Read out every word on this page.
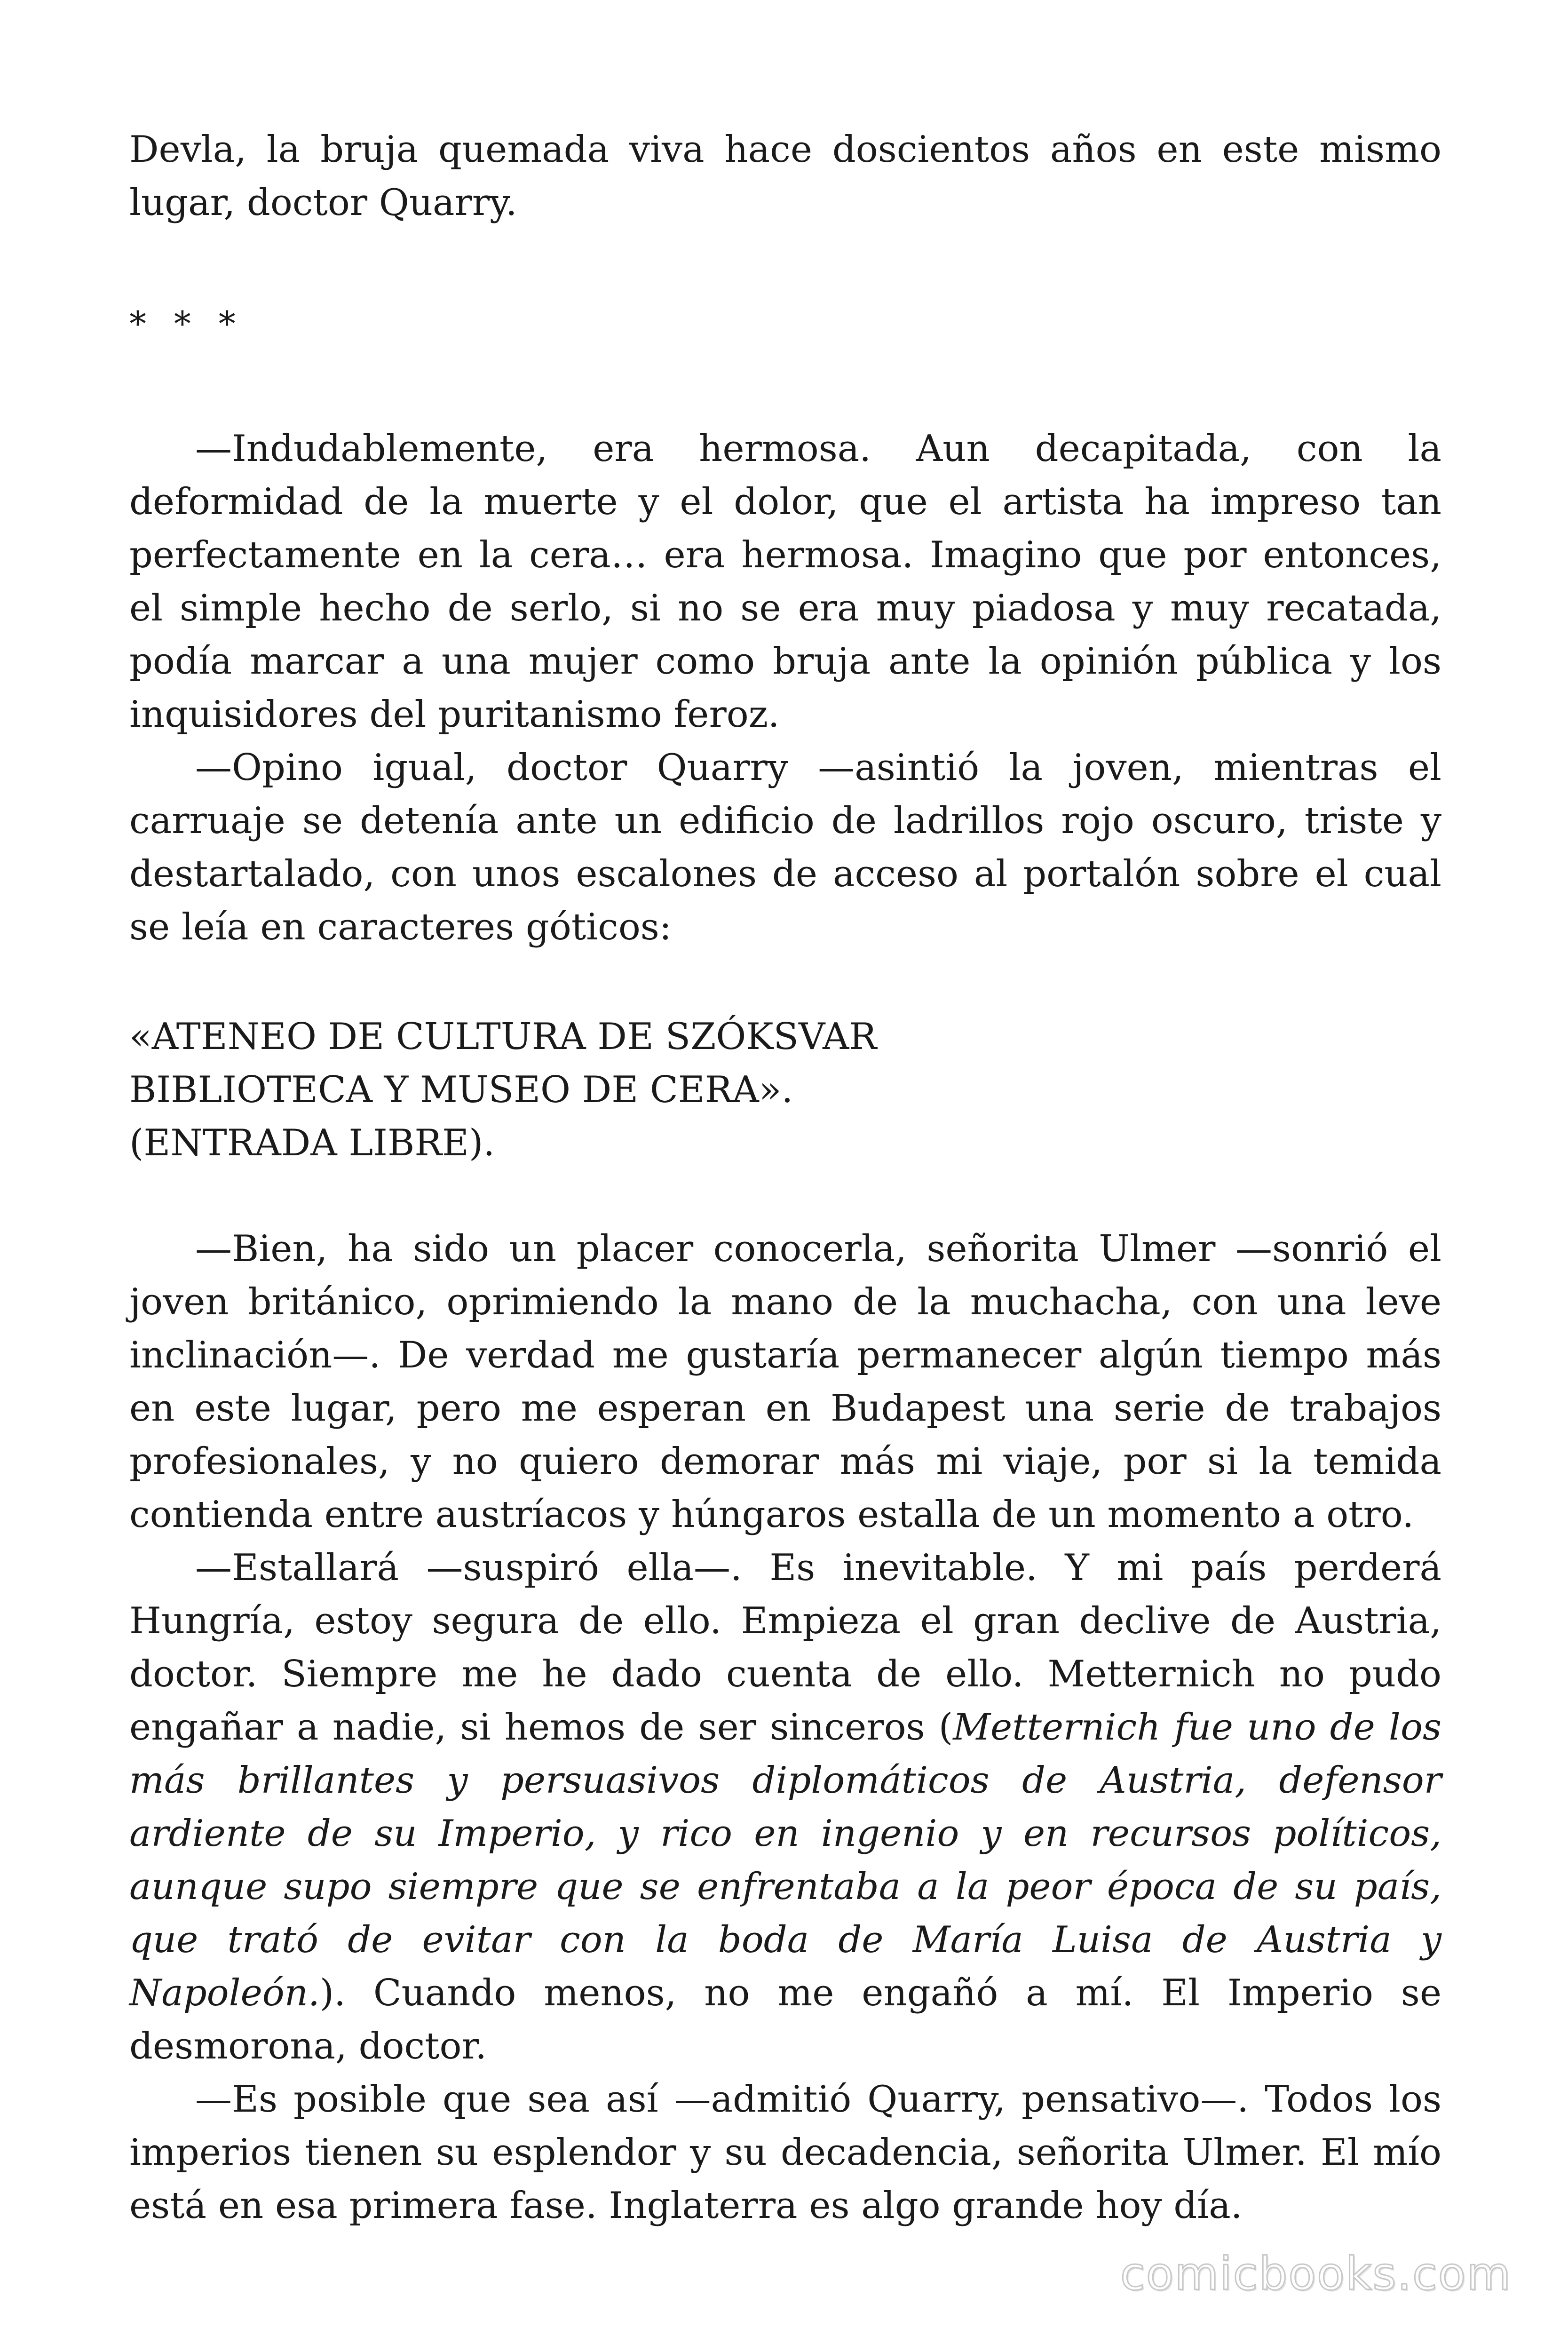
Devla, la bruja quemada viva hace doscientos años en este mismo lugar, doctor Quarry.

* * *

—Indudablemente, era hermosa. Aun decapitada, con la deformidad de la muerte y el dolor, que el artista ha impreso tan perfectamente en la cera… era hermosa. Imagino que por entonces, el simple hecho de serlo, si no se era muy piadosa y muy recatada, podía marcar a una mujer como bruja ante la opinión pública y los inquisidores del puritanismo feroz.

—Opino igual, doctor Quarry —asintió la joven, mientras el carruaje se detenía ante un edificio de ladrillos rojo oscuro, triste y destartalado, con unos escalones de acceso al portalón sobre el cual se leía en caracteres góticos:

«ATENEO DE CULTURA DE SZÓKSVAR
BIBLIOTECA Y MUSEO DE CERA».
(ENTRADA LIBRE).

—Bien, ha sido un placer conocerla, señorita Ulmer —sonrió el joven británico, oprimiendo la mano de la muchacha, con una leve inclinación—. De verdad me gustaría permanecer algún tiempo más en este lugar, pero me esperan en Budapest una serie de trabajos profesionales, y no quiero demorar más mi viaje, por si la temida contienda entre austríacos y húngaros estalla de un momento a otro.

—Estallará —suspiró ella—. Es inevitable. Y mi país perderá Hungría, estoy segura de ello. Empieza el gran declive de Austria, doctor. Siempre me he dado cuenta de ello. Metternich no pudo engañar a nadie, si hemos de ser sinceros (Metternich fue uno de los más brillantes y persuasivos diplomáticos de Austria, defensor ardiente de su Imperio, y rico en ingenio y en recursos políticos, aunque supo siempre que se enfrentaba a la peor época de su país, que trató de evitar con la boda de María Luisa de Austria y Napoleón.). Cuando menos, no me engañó a mí. El Imperio se desmorona, doctor.

—Es posible que sea así —admitió Quarry, pensativo—. Todos los imperios tienen su esplendor y su decadencia, señorita Ulmer. El mío está en esa primera fase. Inglaterra es algo grande hoy día.

comicbooks.com
